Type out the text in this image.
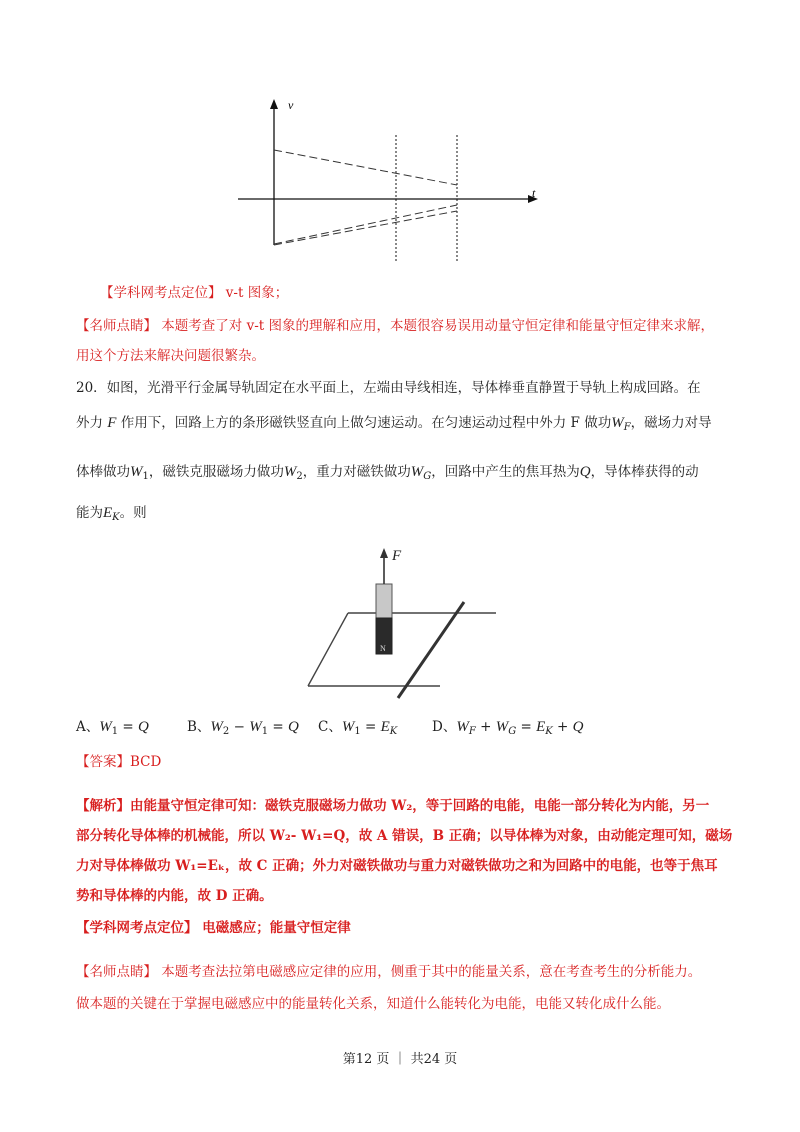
v
t
【学科网考点定位】 v-t 图象；
【名师点睛】 本题考查了对 v-t 图象的理解和应用，本题很容易误用动量守恒定律和能量守恒定律来求解，
用这个方法来解决问题很繁杂。
20．如图，光滑平行金属导轨固定在水平面上，左端由导线相连，导体棒垂直静置于导轨上构成回路。在
外力 F 作用下，回路上方的条形磁铁竖直向上做匀速运动。在匀速运动过程中外力 F 做功$W_F$，磁场力对导
体棒做功$W_1$，磁铁克服磁场力做功$W_2$，重力对磁铁做功$W_G$，回路中产生的焦耳热为Q，导体棒获得的动
能为$E_K$。则
N
F
A、$W_1 = Q$	B、$W_2 - W_1 = Q$ C、$W_1 = E_K$	D、$W_F + W_G = E_K + Q$
【答案】BCD
【解析】由能量守恒定律可知：磁铁克服磁场力做功 W₂，等于回路的电能，电能一部分转化为内能，另一
部分转化导体棒的机械能，所以 W₂- W₁=Q，故 A 错误，B 正确；以导体棒为对象，由动能定理可知，磁场
力对导体棒做功 W₁=Eₖ，故 C 正确；外力对磁铁做功与重力对磁铁做功之和为回路中的电能，也等于焦耳
势和导体棒的内能，故 D 正确。
【学科网考点定位】 电磁感应；能量守恒定律
【名师点睛】 本题考查法拉第电磁感应定律的应用，侧重于其中的能量关系，意在考查考生的分析能力。
做本题的关键在于掌握电磁感应中的能量转化关系，知道什么能转化为电能，电能又转化成什么能。
第12 页 ｜ 共24 页
